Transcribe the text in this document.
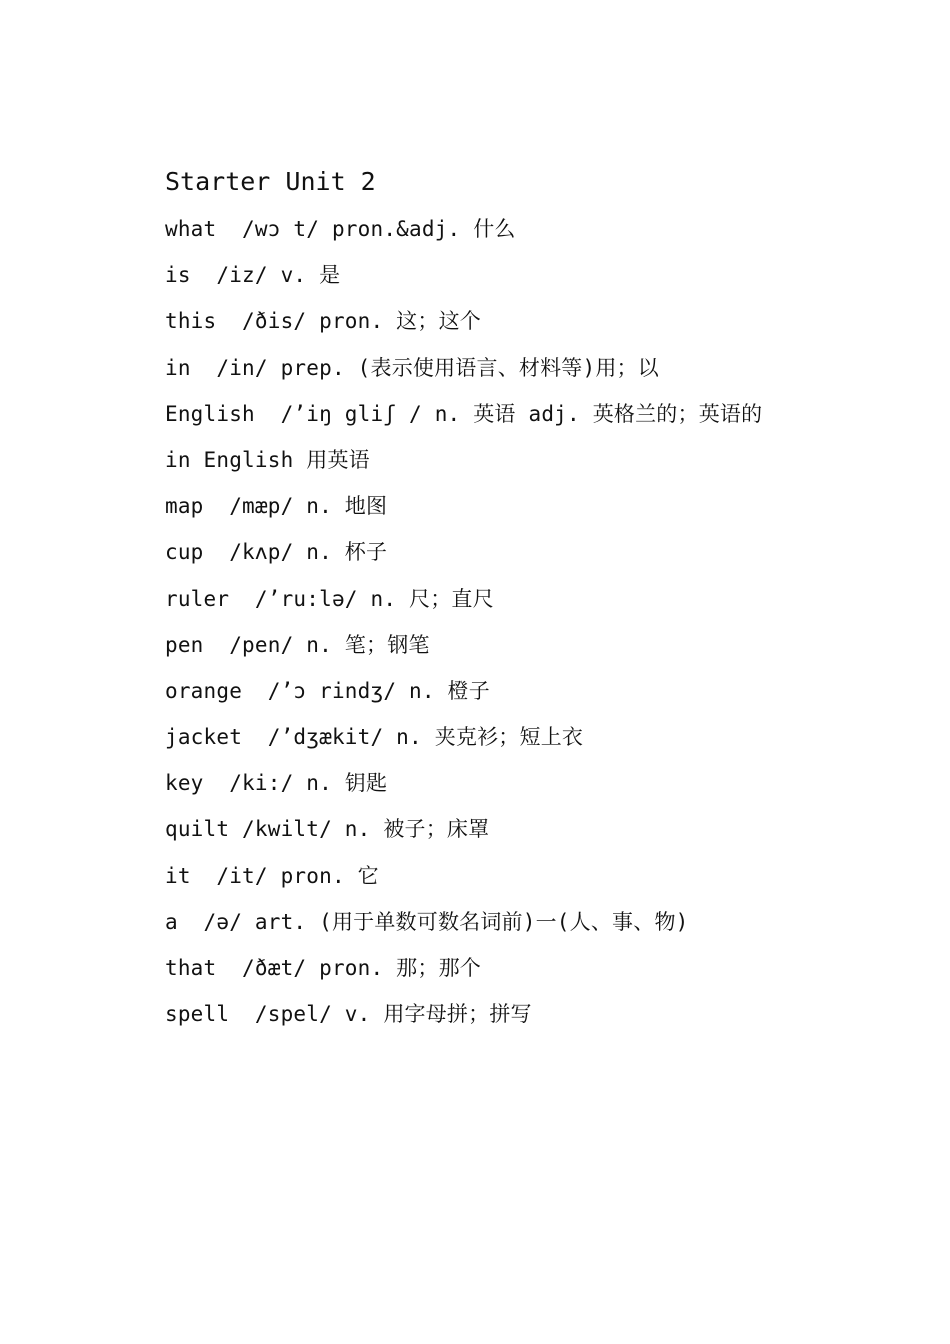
Starter Unit 2
what  /wɔ t/ pron.&adj. 什么
is  /iz/ v. 是
this  /ðis/ pron. 这；这个
in  /in/ prep. (表示使用语言、材料等)用；以
English  /’iŋ gliʃ / n. 英语 adj. 英格兰的；英语的
in English 用英语
map  /mæp/ n. 地图
cup  /kʌp/ n. 杯子
ruler  /’ru:lə/ n. 尺；直尺
pen  /pen/ n. 笔；钢笔
orange  /’ɔ rindʒ/ n. 橙子
jacket  /’dʒækit/ n. 夹克衫；短上衣
key  /ki:/ n. 钥匙
quilt /kwilt/ n. 被子；床罩
it  /it/ pron. 它
a  /ə/ art. (用于单数可数名词前)一(人、事、物)
that  /ðæt/ pron. 那；那个
spell  /spel/ v. 用字母拼；拼写
